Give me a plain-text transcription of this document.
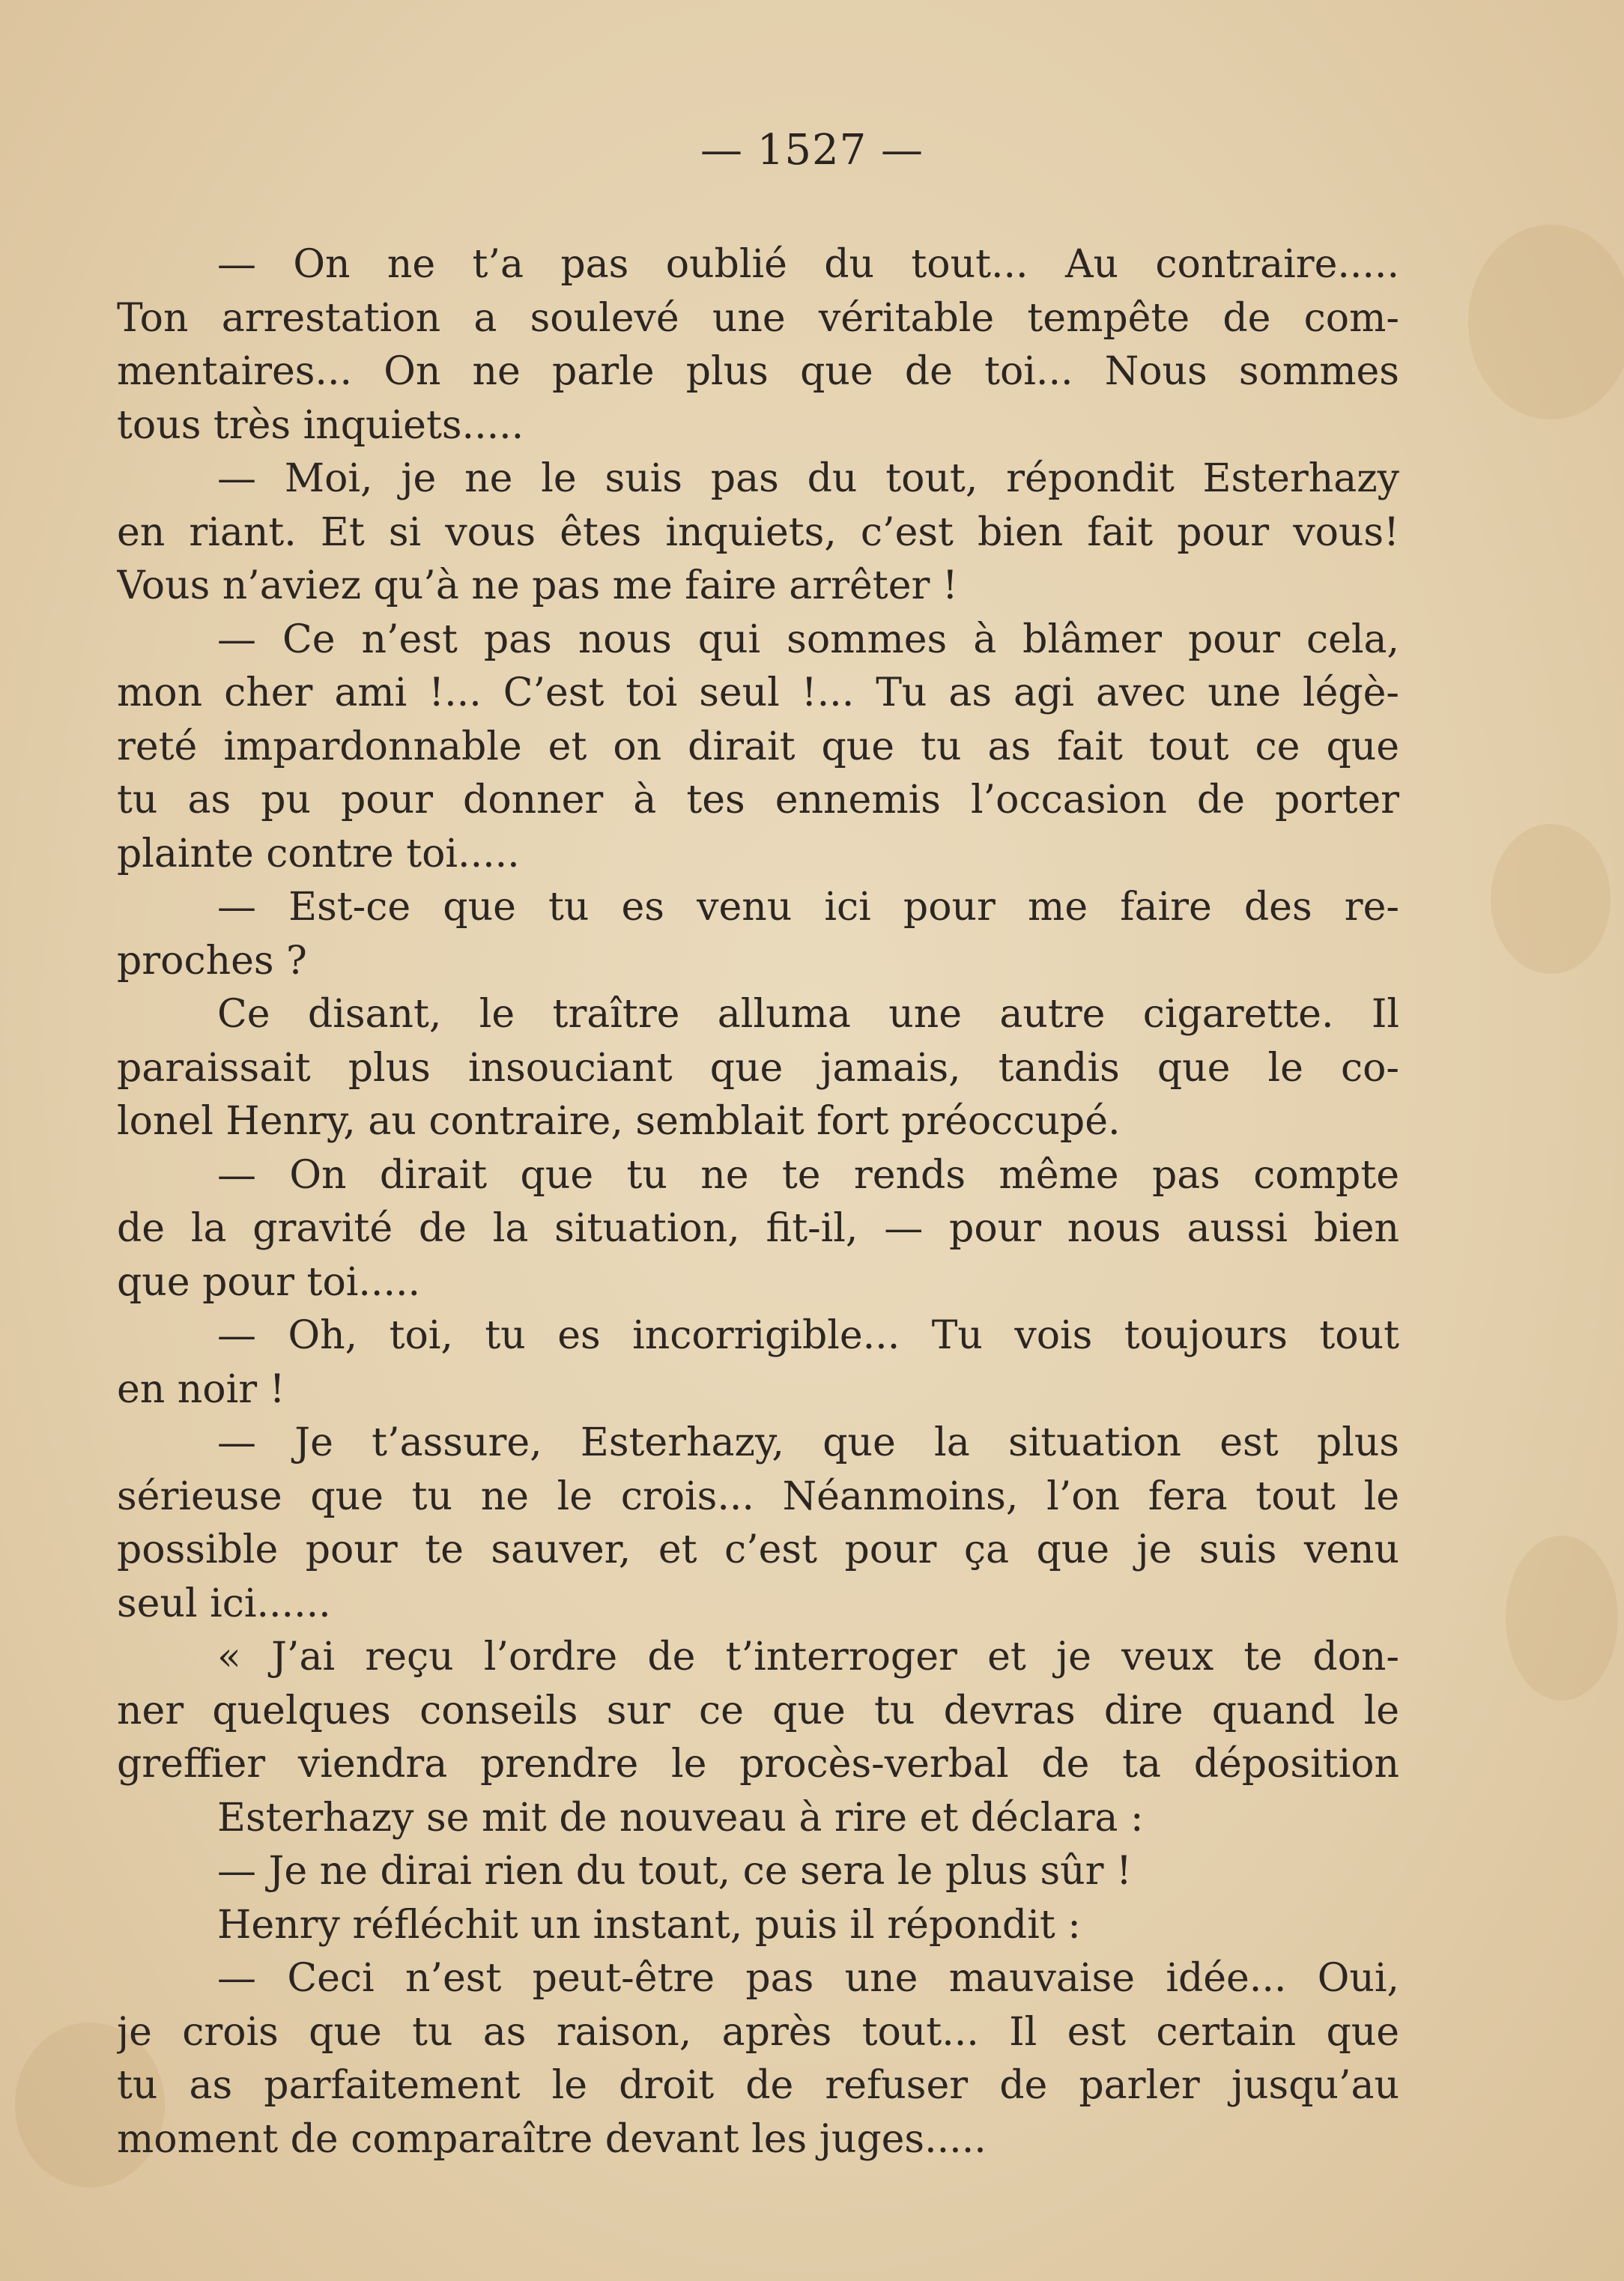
— 1527 —
— On ne t’a pas oublié du tout... Au contraire.....
Ton arrestation a soulevé une véritable tempête de com-
mentaires... On ne parle plus que de toi... Nous sommes
tous très inquiets.....
— Moi, je ne le suis pas du tout, répondit Esterhazy
en riant. Et si vous êtes inquiets, c’est bien fait pour vous!
Vous n’aviez qu’à ne pas me faire arrêter !
— Ce n’est pas nous qui sommes à blâmer pour cela,
mon cher ami !... C’est toi seul !... Tu as agi avec une légè-
reté impardonnable et on dirait que tu as fait tout ce que
tu as pu pour donner à tes ennemis l’occasion de porter
plainte contre toi.....
— Est-ce que tu es venu ici pour me faire des re-
proches ?
Ce disant, le traître alluma une autre cigarette. Il
paraissait plus insouciant que jamais, tandis que le co-
lonel Henry, au contraire, semblait fort préoccupé.
— On dirait que tu ne te rends même pas compte
de la gravité de la situation, fit-il, — pour nous aussi bien
que pour toi.....
— Oh, toi, tu es incorrigible... Tu vois toujours tout
en noir !
— Je t’assure, Esterhazy, que la situation est plus
sérieuse que tu ne le crois... Néanmoins, l’on fera tout le
possible pour te sauver, et c’est pour ça que je suis venu
seul ici......
« J’ai reçu l’ordre de t’interroger et je veux te don-
ner quelques conseils sur ce que tu devras dire quand le
greffier viendra prendre le procès-verbal de ta déposition
Esterhazy se mit de nouveau à rire et déclara :
— Je ne dirai rien du tout, ce sera le plus sûr !
Henry réfléchit un instant, puis il répondit :
— Ceci n’est peut-être pas une mauvaise idée... Oui,
je crois que tu as raison, après tout... Il est certain que
tu as parfaitement le droit de refuser de parler jusqu’au
moment de comparaître devant les juges.....
